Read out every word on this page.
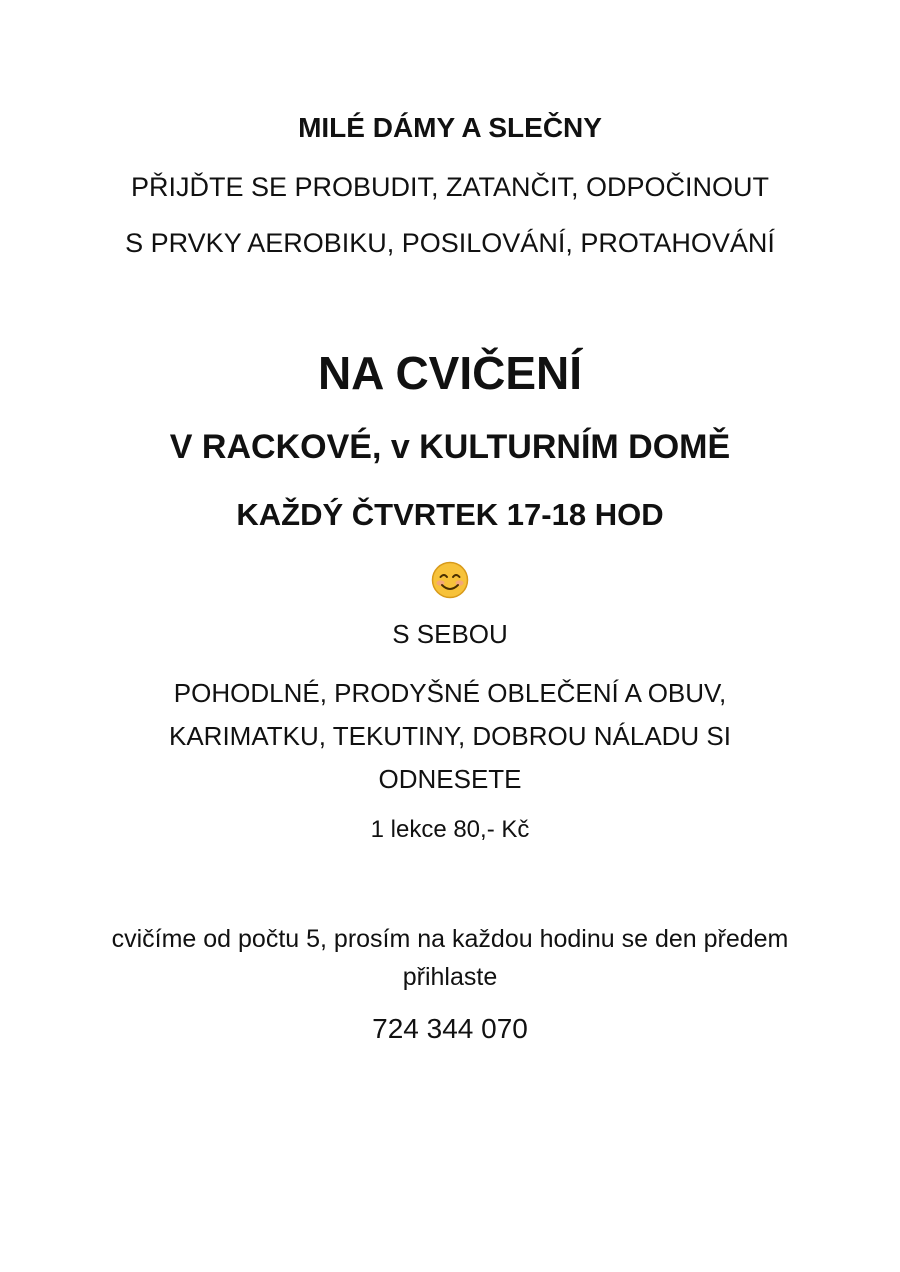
MILÉ DÁMY A SLEČNY
PŘIJĎTE SE PROBUDIT, ZATANČIT, ODPOČINOUT
S PRVKY AEROBIKU, POSILOVÁNÍ, PROTAHOVÁNÍ
NA CVIČENÍ
V RACKOVÉ, v KULTURNÍM DOMĚ
KAŽDÝ ČTVRTEK 17-18 HOD
S SEBOU
POHODLNÉ, PRODYŠNÉ OBLEČENÍ A OBUV, KARIMATKU, TEKUTINY, DOBROU NÁLADU SI ODNESETE
1 lekce 80,- Kč
cvičíme od počtu 5, prosím na každou hodinu se den předem přihlaste
724 344 070
